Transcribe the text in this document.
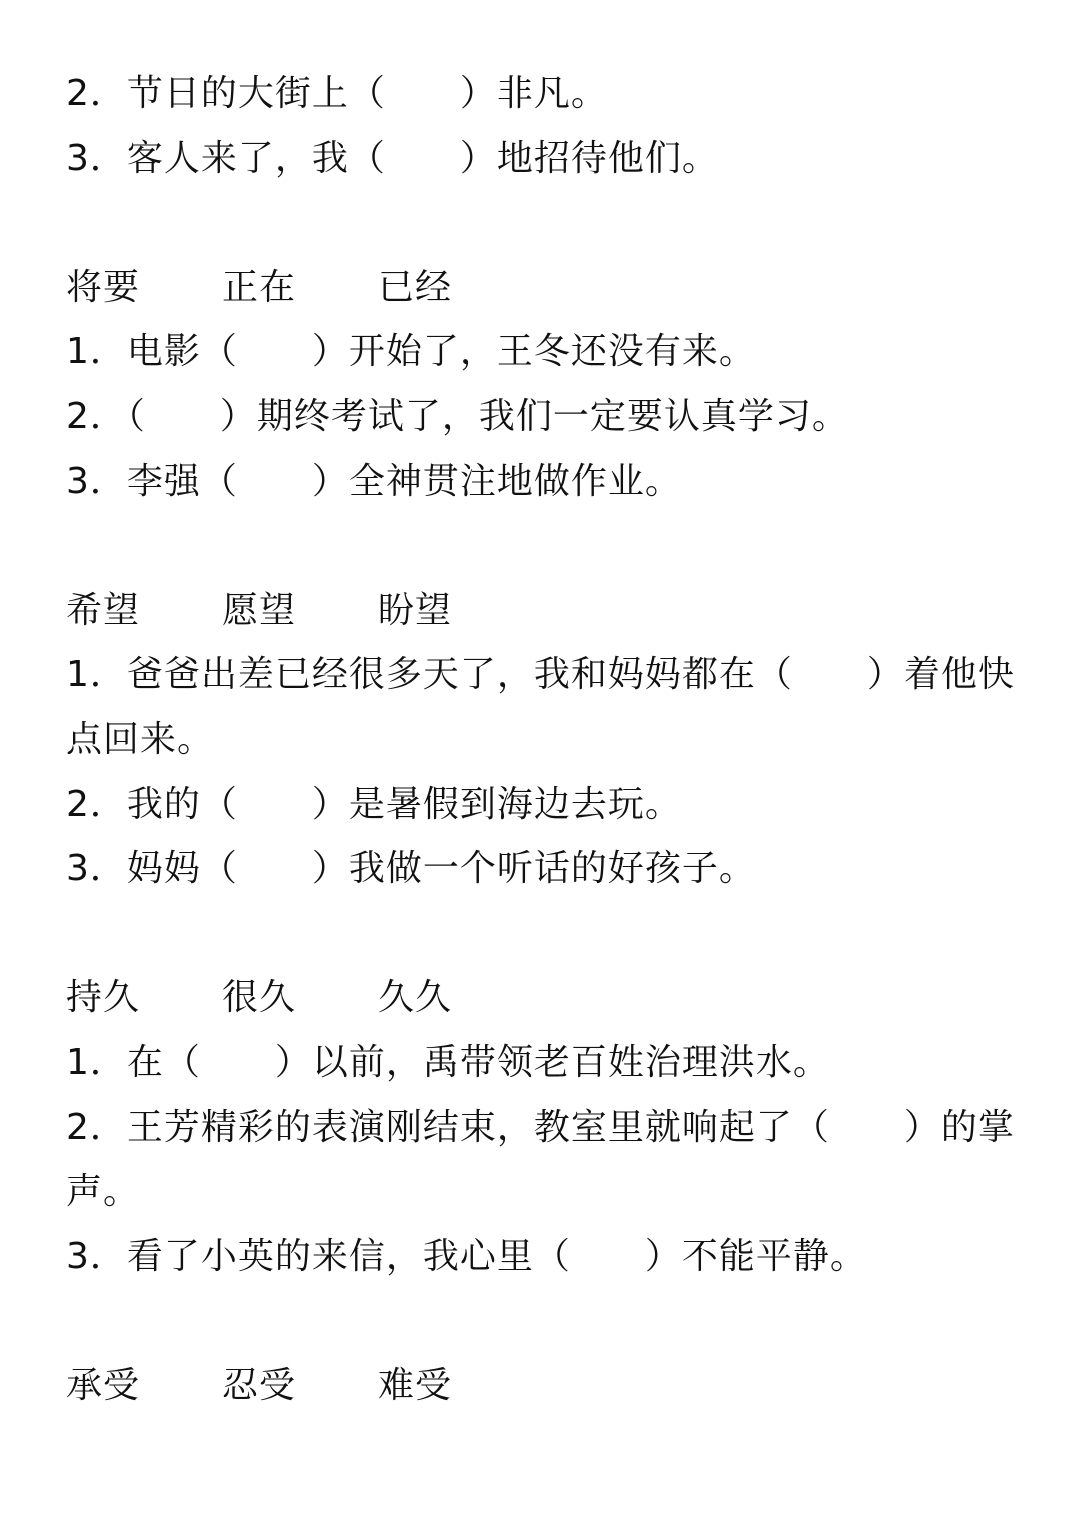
2．节日的大街上（　　）非凡。
3．客人来了，我（　　）地招待他们。
将要 正在 已经
1．电影（　　）开始了，王冬还没有来。
2．（　　）期终考试了，我们一定要认真学习。
3．李强（　　）全神贯注地做作业。
希望 愿望 盼望
1．爸爸出差已经很多天了，我和妈妈都在（　　）着他快点回来。
2．我的（　　）是暑假到海边去玩。
3．妈妈（　　）我做一个听话的好孩子。
持久 很久 久久
1．在（　　）以前，禹带领老百姓治理洪水。
2．王芳精彩的表演刚结束，教室里就响起了（　　）的掌声。
3．看了小英的来信，我心里（　　）不能平静。
承受 忍受 难受
